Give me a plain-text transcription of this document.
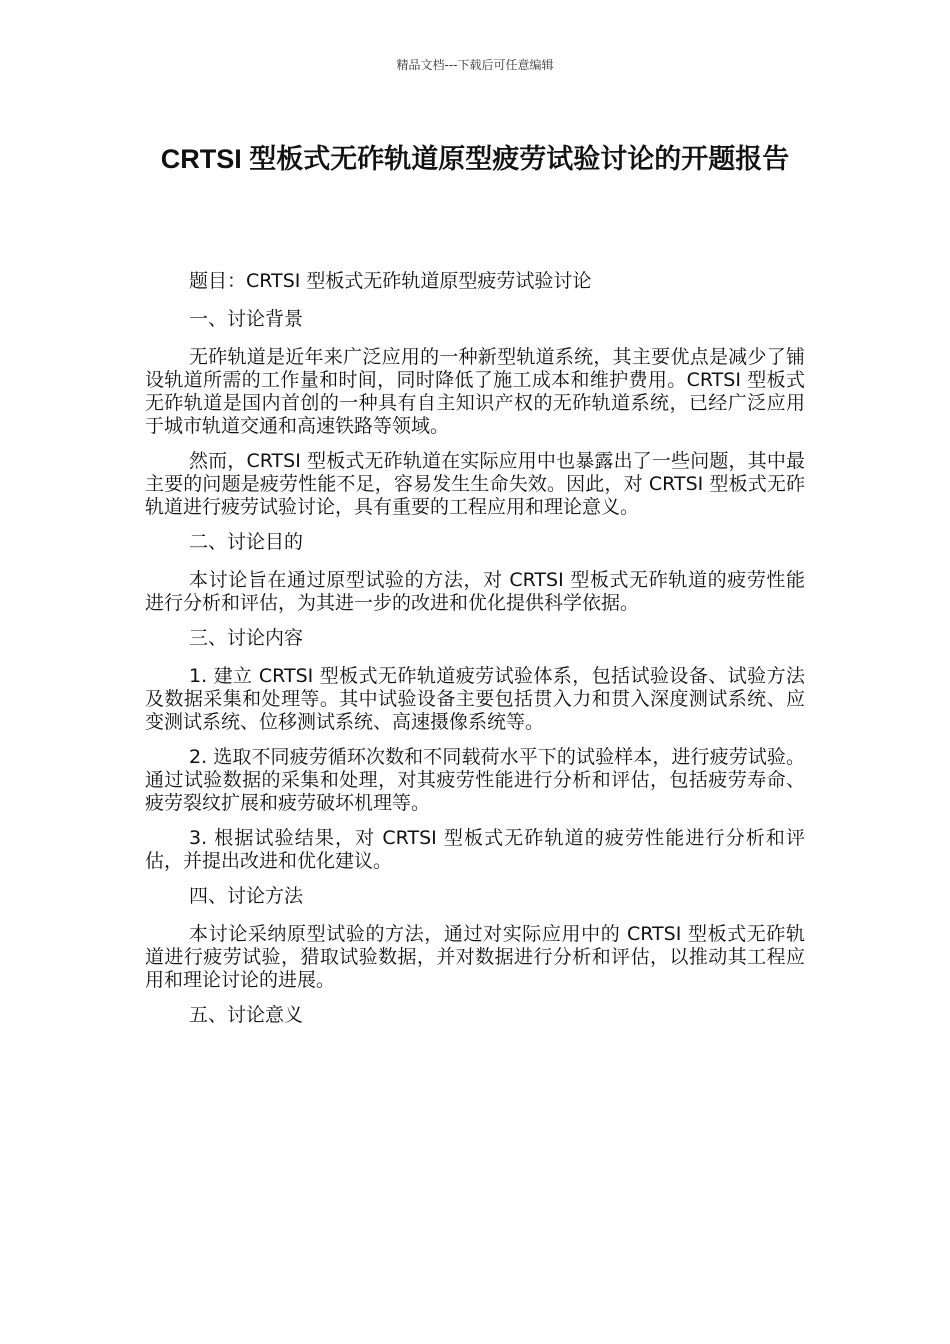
精品文档---下载后可任意编辑
CRTSI 型板式无砟轨道原型疲劳试验讨论的开题报告

题目：CRTSI 型板式无砟轨道原型疲劳试验讨论

一、讨论背景

无砟轨道是近年来广泛应用的一种新型轨道系统，其主要优点是减少了铺设轨道所需的工作量和时间，同时降低了施工成本和维护费用。CRTSI 型板式无砟轨道是国内首创的一种具有自主知识产权的无砟轨道系统，已经广泛应用于城市轨道交通和高速铁路等领域。

然而，CRTSI 型板式无砟轨道在实际应用中也暴露出了一些问题，其中最主要的问题是疲劳性能不足，容易发生生命失效。因此，对 CRTSI 型板式无砟轨道进行疲劳试验讨论，具有重要的工程应用和理论意义。

二、讨论目的

本讨论旨在通过原型试验的方法，对 CRTSI 型板式无砟轨道的疲劳性能进行分析和评估，为其进一步的改进和优化提供科学依据。

三、讨论内容

1. 建立 CRTSI 型板式无砟轨道疲劳试验体系，包括试验设备、试验方法及数据采集和处理等。其中试验设备主要包括贯入力和贯入深度测试系统、应变测试系统、位移测试系统、高速摄像系统等。

2. 选取不同疲劳循环次数和不同载荷水平下的试验样本，进行疲劳试验。通过试验数据的采集和处理，对其疲劳性能进行分析和评估，包括疲劳寿命、疲劳裂纹扩展和疲劳破坏机理等。

3. 根据试验结果，对 CRTSI 型板式无砟轨道的疲劳性能进行分析和评估，并提出改进和优化建议。

四、讨论方法

本讨论采纳原型试验的方法，通过对实际应用中的 CRTSI 型板式无砟轨道进行疲劳试验，猎取试验数据，并对数据进行分析和评估，以推动其工程应用和理论讨论的进展。

五、讨论意义
